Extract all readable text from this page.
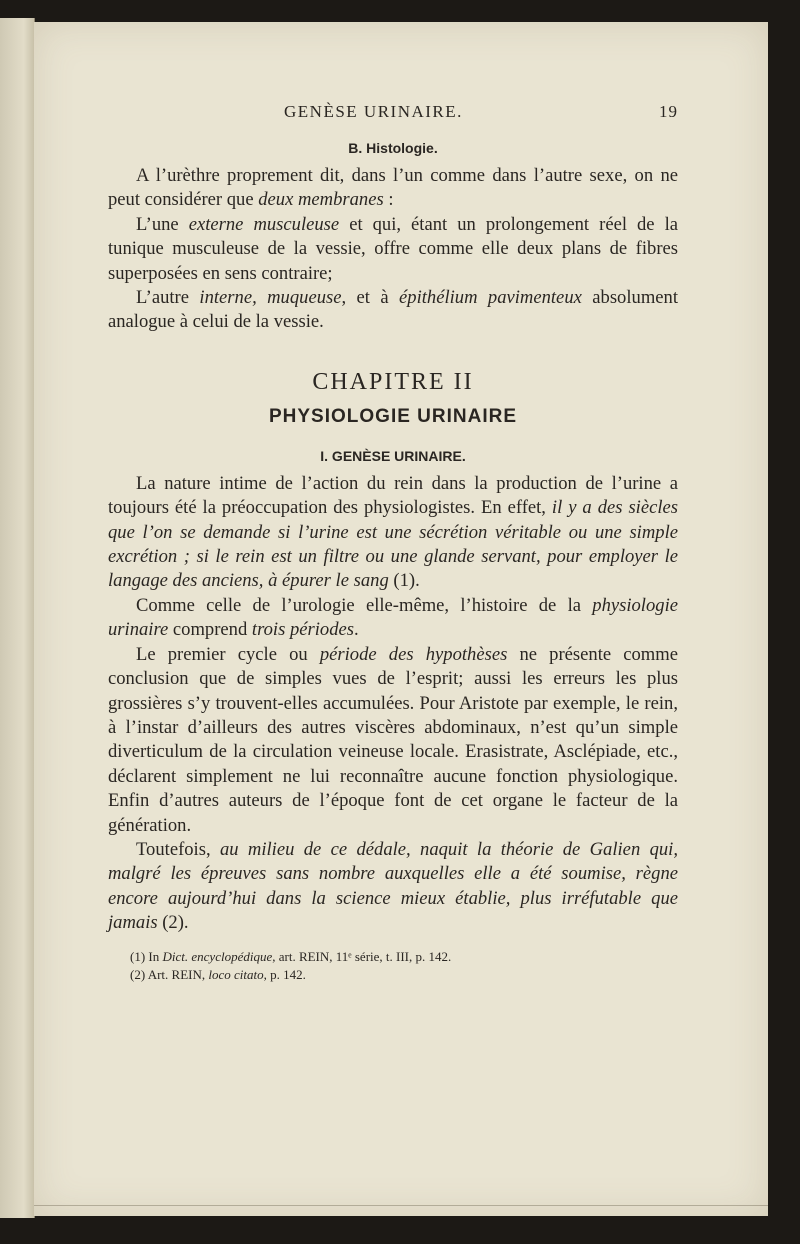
GENÈSE URINAIRE.	19
B. Histologie.

A l’urèthre proprement dit, dans l’un comme dans l’autre sexe, on ne peut considérer que deux membranes :

L’une externe musculeuse et qui, étant un prolongement réel de la tunique musculeuse de la vessie, offre comme elle deux plans de fibres superposées en sens contraire;

L’autre interne, muqueuse, et à épithélium pavimenteux absolument analogue à celui de la vessie.

CHAPITRE II
PHYSIOLOGIE URINAIRE
I. GENÈSE URINAIRE.

La nature intime de l’action du rein dans la production de l’urine a toujours été la préoccupation des physiologistes. En effet, il y a des siècles que l’on se demande si l’urine est une sécrétion véritable ou une simple excrétion ; si le rein est un filtre ou une glande servant, pour employer le langage des anciens, à épurer le sang (1).

Comme celle de l’urologie elle-même, l’histoire de la physiologie urinaire comprend trois périodes.

Le premier cycle ou période des hypothèses ne présente comme conclusion que de simples vues de l’esprit; aussi les erreurs les plus grossières s’y trouvent-elles accumulées. Pour Aristote par exemple, le rein, à l’instar d’ailleurs des autres viscères abdominaux, n’est qu’un simple diverticulum de la circulation veineuse locale. Erasistrate, Asclépiade, etc., déclarent simplement ne lui reconnaître aucune fonction physiologique. Enfin d’autres auteurs de l’époque font de cet organe le facteur de la génération.

Toutefois, au milieu de ce dédale, naquit la théorie de Galien qui, malgré les épreuves sans nombre auxquelles elle a été soumise, règne encore aujourd’hui dans la science mieux établie, plus irréfutable que jamais (2).

(1) In Dict. encyclopédique, art. REIN, 11ᵉ série, t. III, p. 142.
(2) Art. REIN, loco citato, p. 142.
